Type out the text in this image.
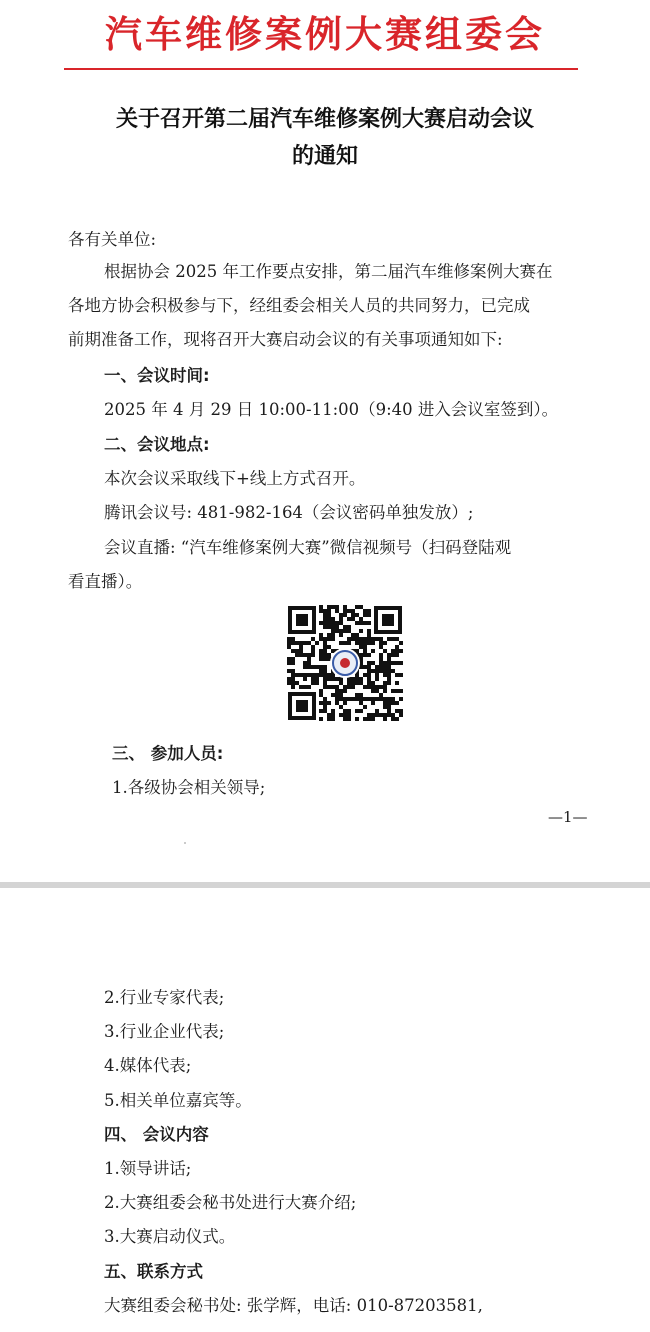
汽车维修案例大赛组委会
关于召开第二届汽车维修案例大赛启动会议
的通知
各有关单位:
根据协会 2025 年工作要点安排，第二届汽车维修案例大赛在
各地方协会积极参与下，经组委会相关人员的共同努力，已完成
前期准备工作，现将召开大赛启动会议的有关事项通知如下:
一、会议时间:
2025 年 4 月 29 日 10:00-11:00（9:40 进入会议室签到）。
二、会议地点:
本次会议采取线下+线上方式召开。
腾讯会议号: 481-982-164（会议密码单独发放）;
会议直播: “汽车维修案例大赛”微信视频号（扫码登陆观
看直播）。
三、 参加人员:
1.各级协会相关领导;
—1—
2.行业专家代表;
3.行业企业代表;
4.媒体代表;
5.相关单位嘉宾等。
四、 会议内容
1.领导讲话;
2.大赛组委会秘书处进行大赛介绍;
3.大赛启动仪式。
五、联系方式
大赛组委会秘书处: 张学辉，电话: 010-87203581,
